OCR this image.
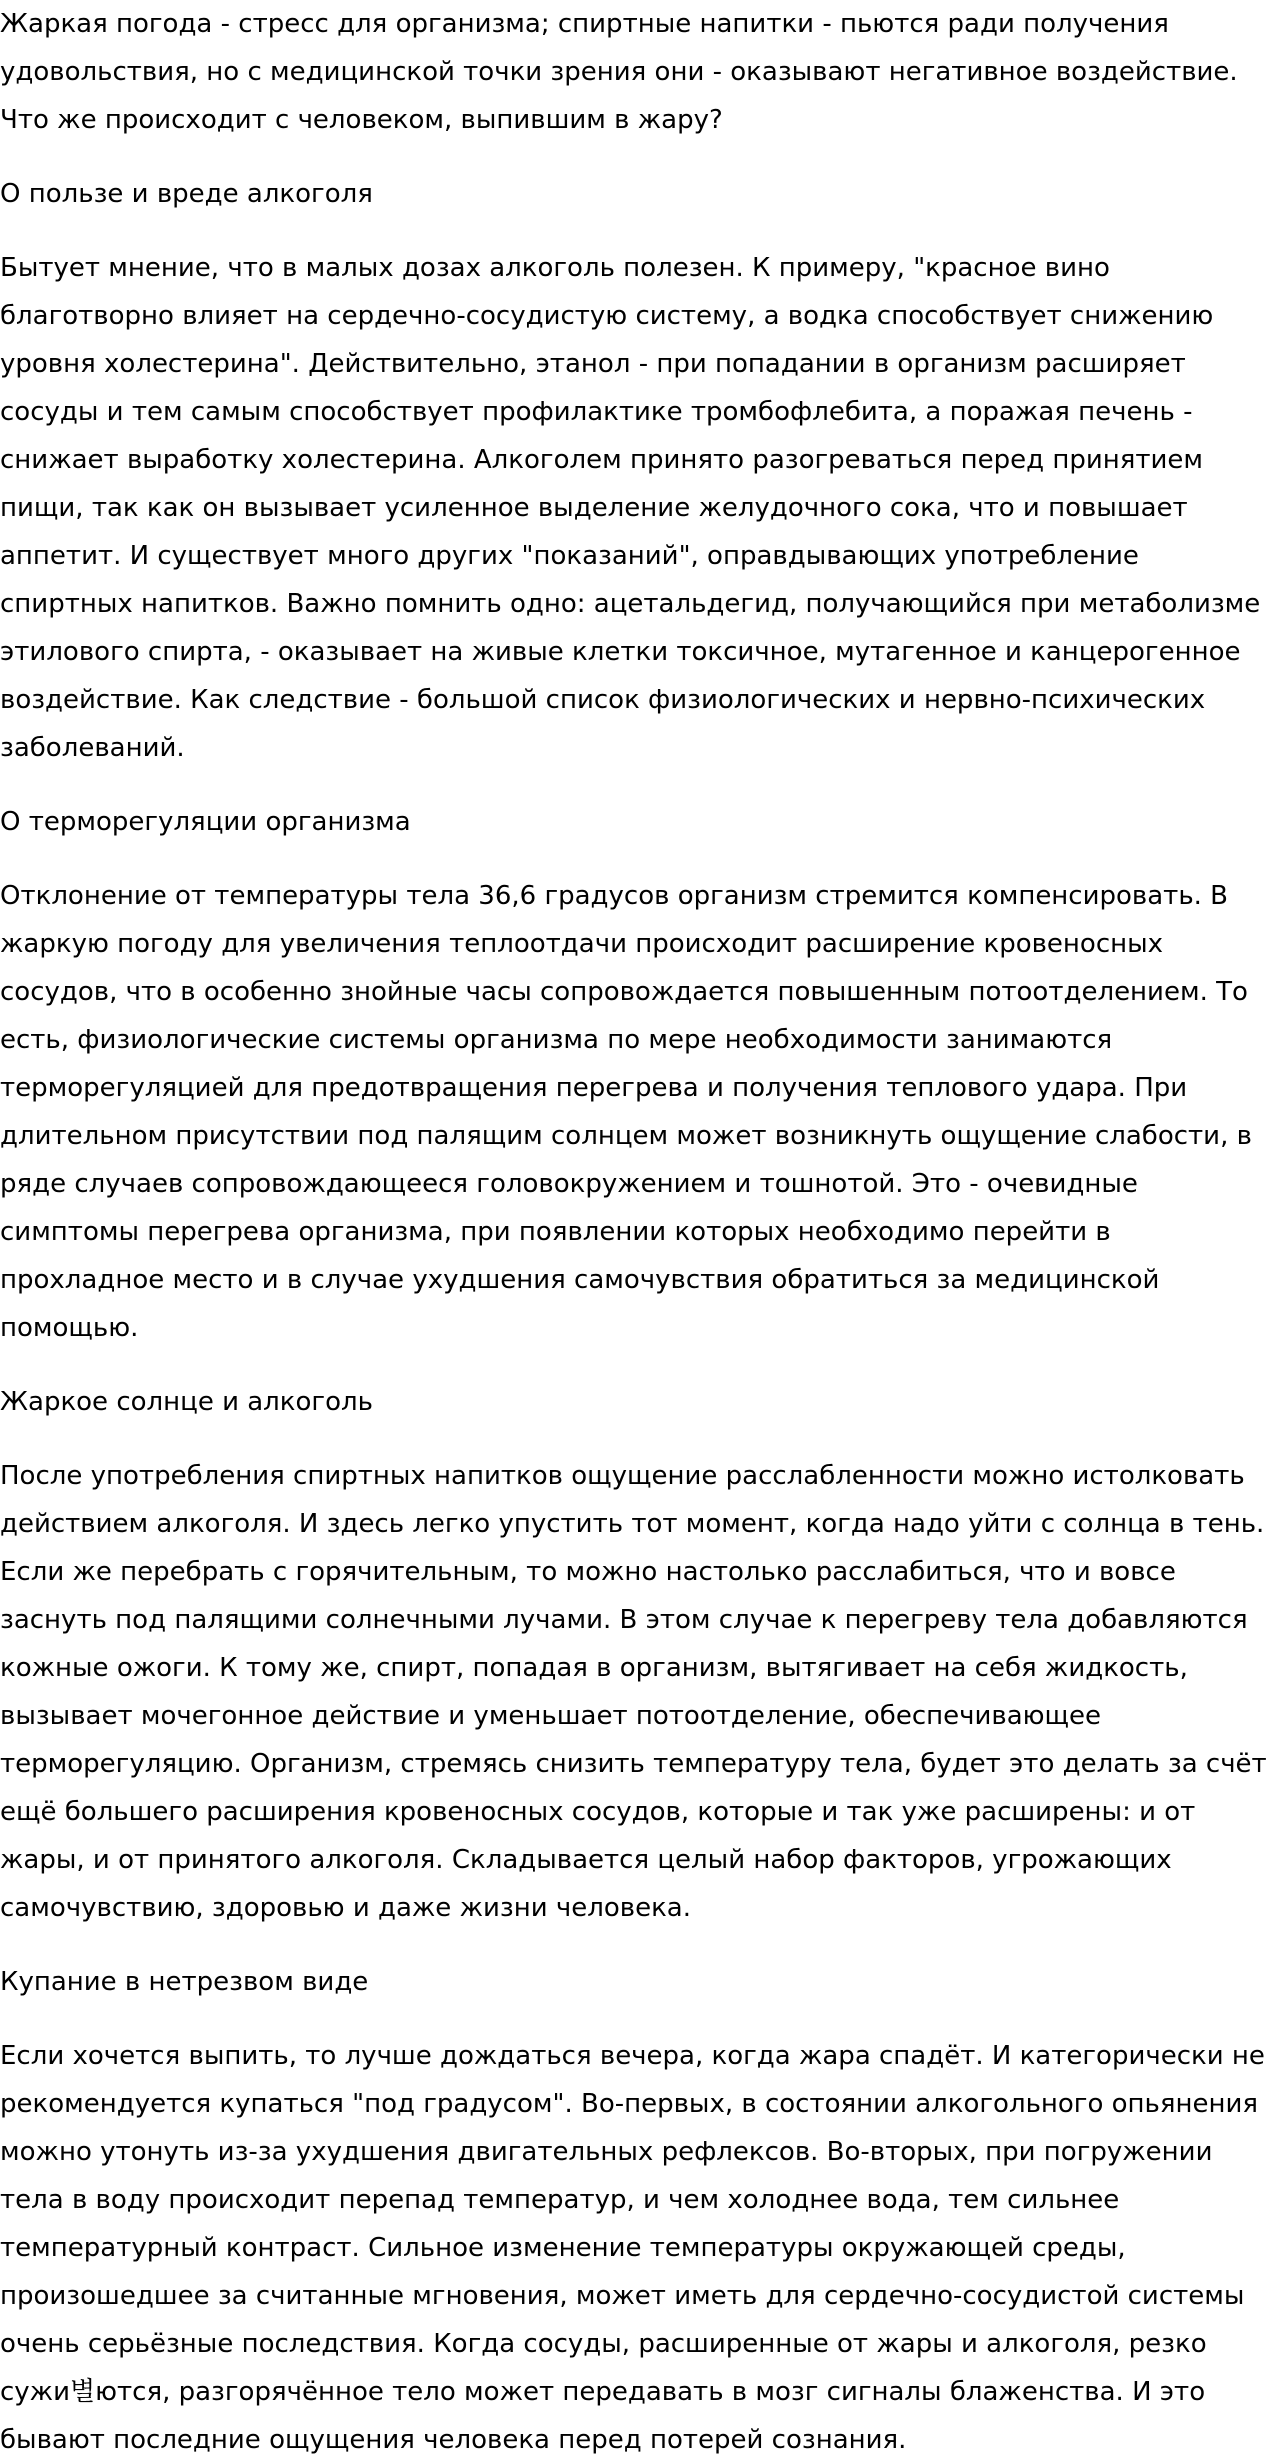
Жаркая погода - стресс для организма; спиртные напитки - пьются ради получения удовольствия, но с медицинской точки зрения они - оказывают негативное воздействие. Что же происходит с человеком, выпившим в жару?

О пользе и вреде алкоголя

Бытует мнение, что в малых дозах алкоголь полезен. К примеру, "красное вино благотворно влияет на сердечно-сосудистую систему, а водка способствует снижению уровня холестерина". Действительно, этанол - при попадании в организм расширяет сосуды и тем самым способствует профилактике тромбофлебита, а поражая печень - снижает выработку холестерина. Алкоголем принято разогреваться перед принятием пищи, так как он вызывает усиленное выделение желудочного сока, что и повышает аппетит. И существует много других "показаний", оправдывающих употребление спиртных напитков. Важно помнить одно: ацетальдегид, получающийся при метаболизме этилового спирта, - оказывает на живые клетки токсичное, мутагенное и канцерогенное воздействие. Как следствие - большой список физиологических и нервно-психических заболеваний.

О терморегуляции организма

Отклонение от температуры тела 36,6 градусов организм стремится компенсировать. В жаркую погоду для увеличения теплоотдачи происходит расширение кровеносных сосудов, что в особенно знойные часы сопровождается повышенным потоотделением. То есть, физиологические системы организма по мере необходимости занимаются терморегуляцией для предотвращения перегрева и получения теплового удара. При длительном присутствии под палящим солнцем может возникнуть ощущение слабости, в ряде случаев сопровождающееся головокружением и тошнотой. Это - очевидные симптомы перегрева организма, при появлении которых необходимо перейти в прохладное место и в случае ухудшения самочувствия обратиться за медицинской помощью.

Жаркое солнце и алкоголь

После употребления спиртных напитков ощущение расслабленности можно истолковать действием алкоголя. И здесь легко упустить тот момент, когда надо уйти с солнца в тень. Если же перебрать с горячительным, то можно настолько расслабиться, что и вовсе заснуть под палящими солнечными лучами. В этом случае к перегреву тела добавляются кожные ожоги. К тому же, спирт, попадая в организм, вытягивает на себя жидкость, вызывает мочегонное действие и уменьшает потоотделение, обеспечивающее терморегуляцию. Организм, стремясь снизить температуру тела, будет это делать за счёт ещё большего расширения кровеносных сосудов, которые и так уже расширены: и от жары, и от принятого алкоголя. Складывается целый набор факторов, угрожающих самочувствию, здоровью и даже жизни человека.

Купание в нетрезвом виде

Если хочется выпить, то лучше дождаться вечера, когда жара спадёт. И категорически не рекомендуется купаться "под градусом". Во-первых, в состоянии алкогольного опьянения можно утонуть из-за ухудшения двигательных рефлексов. Во-вторых, при погружении тела в воду происходит перепад температур, и чем холоднее вода, тем сильнее температурный контраст. Сильное изменение температуры окружающей среды, произошедшее за считанные мгновения, может иметь для сердечно-сосудистой системы очень серьёзные последствия. Когда сосуды, расширенные от жары и алкоголя, резко сужи별ются, разгорячённое тело может передавать в мозг сигналы блаженства. И это бывают последние ощущения человека перед потерей сознания.
